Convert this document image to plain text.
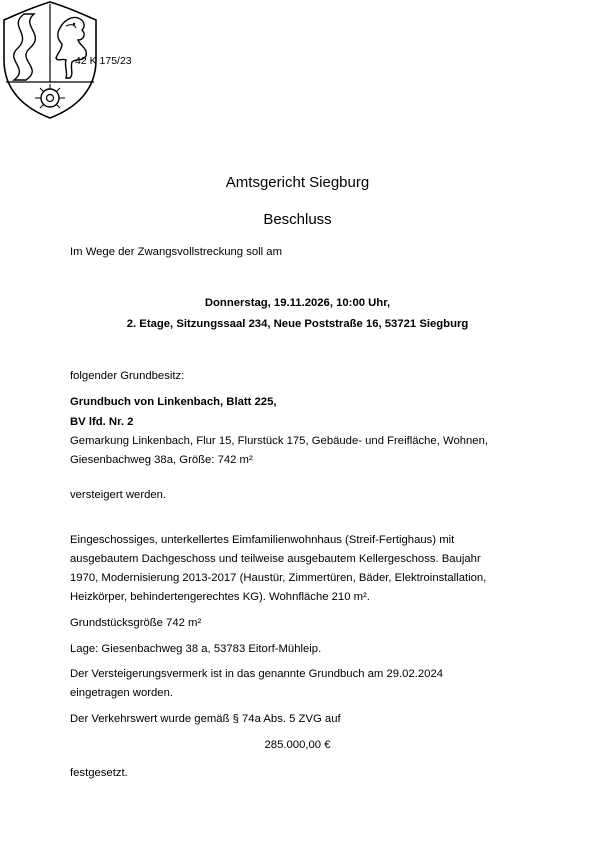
42 K 175/23
Amtsgericht Siegburg
Beschluss
Im Wege der Zwangsvollstreckung soll am
Donnerstag, 19.11.2026, 10:00 Uhr,
2. Etage, Sitzungssaal 234, Neue Poststraße 16, 53721 Siegburg
folgender Grundbesitz:
Grundbuch von Linkenbach, Blatt 225,
BV lfd. Nr. 2
Gemarkung Linkenbach, Flur 15, Flurstück 175, Gebäude- und Freifläche, Wohnen,
Giesenbachweg 38a, Größe: 742 m²
versteigert werden.
Eingeschossiges, unterkellertes Eimfamilienwohnhaus (Streif-Fertighaus) mit
ausgebautem Dachgeschoss und teilweise ausgebautem Kellergeschoss. Baujahr
1970, Modernisierung 2013-2017 (Haustür, Zimmertüren, Bäder, Elektroinstallation,
Heizkörper, behindertengerechtes KG). Wohnfläche 210 m².
Grundstücksgröße 742 m²
Lage: Giesenbachweg 38 a, 53783 Eitorf-Mühleip.
Der Versteigerungsvermerk ist in das genannte Grundbuch am 29.02.2024
eingetragen worden.
Der Verkehrswert wurde gemäß § 74a Abs. 5 ZVG auf
285.000,00 €
festgesetzt.
